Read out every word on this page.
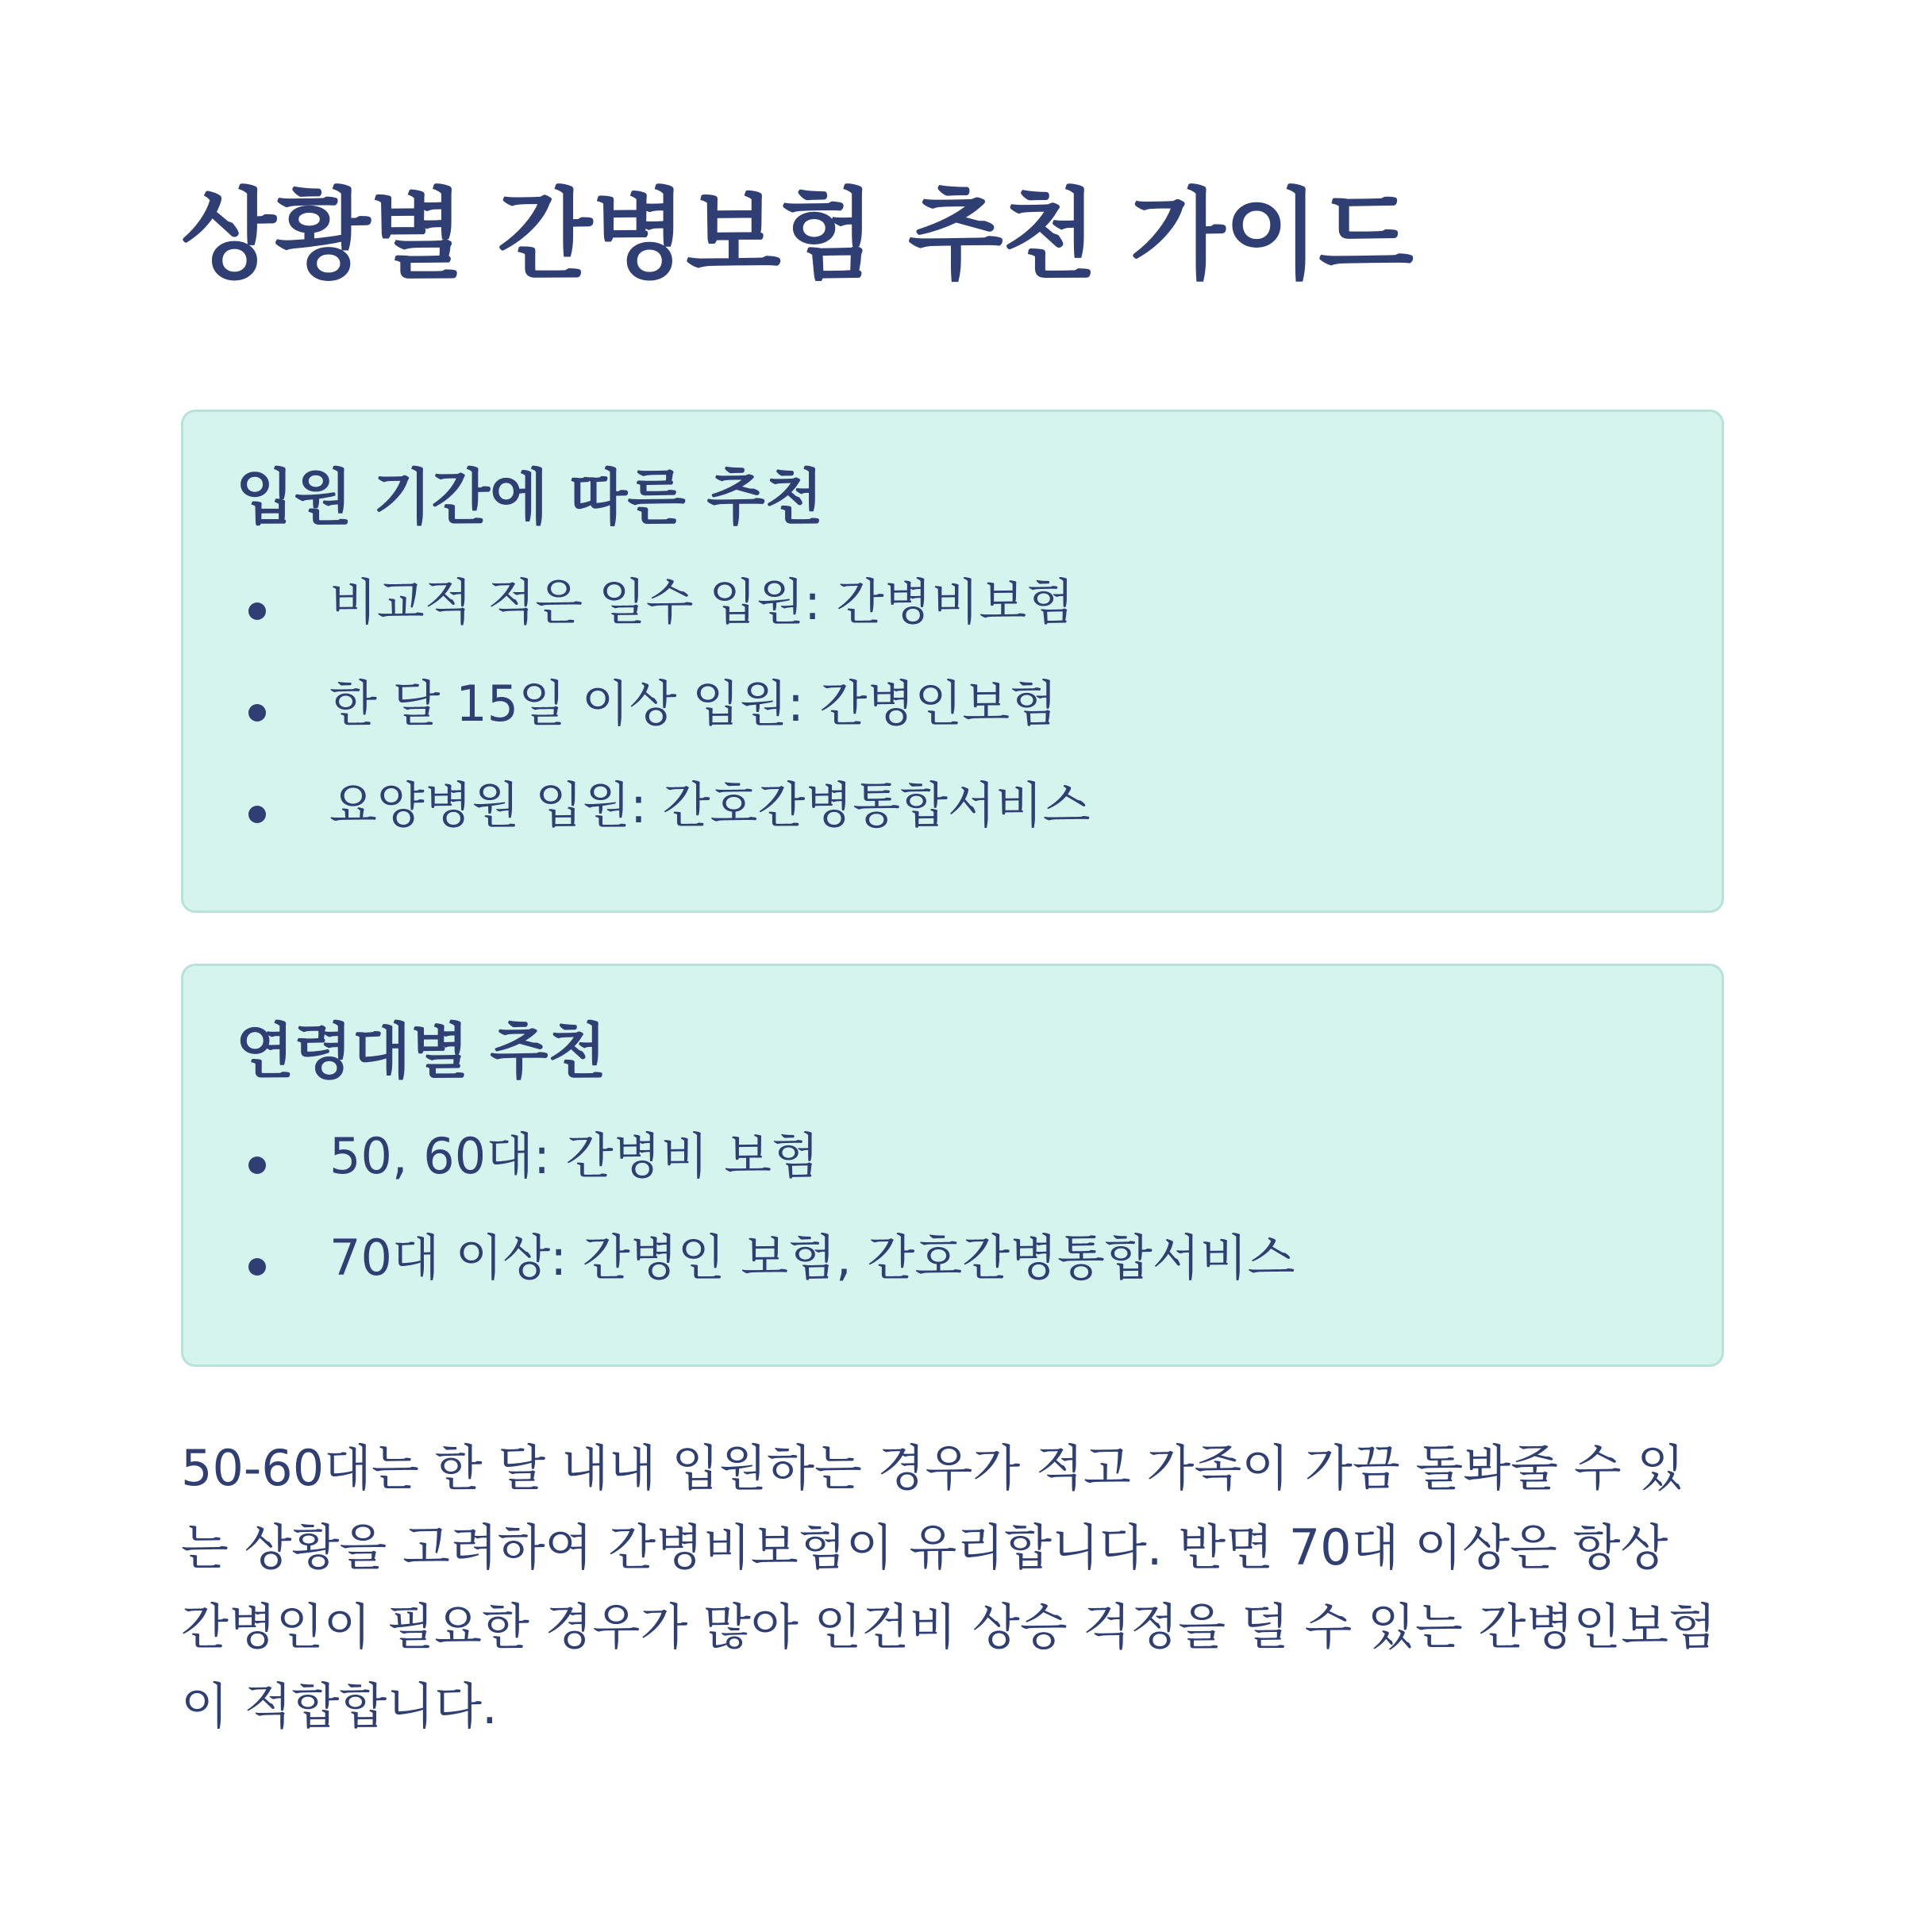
상황별 간병보험 추천 가이드
입원 기간에 따른 추천
비교적 적은 일수 입원: 간병비보험
한 달 15일 이상 입원: 간병인보험
요양병원 입원: 간호간병통합서비스
연령대별 추천
50, 60대: 간병비 보험
70대 이상: 간병인 보험, 간호간병통합서비스

50-60대는 한 달 내내 입원하는 경우가 적고 가족이 가끔 돌봐줄 수 있는 상황을 고려하여 간병비보험이 유리합니다. 반면 70대 이상은 항상 간병인이 필요한 경우가 많아 인건비 상승 걱정을 덜 수 있는 간병인보험이 적합합니다.
